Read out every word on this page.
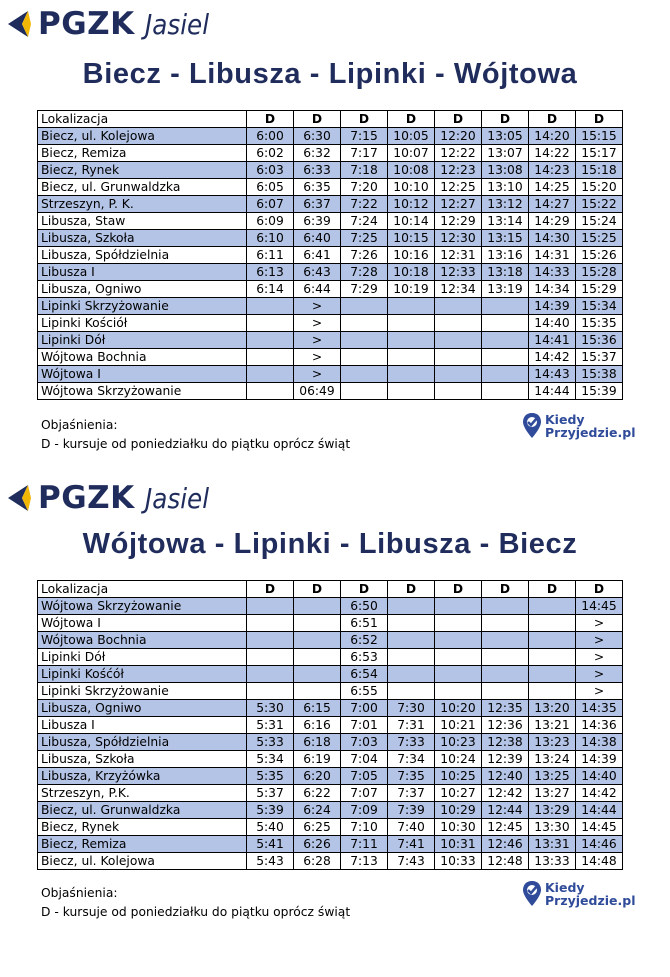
PGZK Jasiel
Biecz - Libusza - Lipinki - Wójtowa
Lokalizacja	D	D	D	D	D	D	D	D
Biecz, ul. Kolejowa	6:00	6:30	7:15	10:05	12:20	13:05	14:20	15:15
Biecz, Remiza	6:02	6:32	7:17	10:07	12:22	13:07	14:22	15:17
Biecz, Rynek	6:03	6:33	7:18	10:08	12:23	13:08	14:23	15:18
Biecz, ul. Grunwaldzka	6:05	6:35	7:20	10:10	12:25	13:10	14:25	15:20
Strzeszyn, P. K.	6:07	6:37	7:22	10:12	12:27	13:12	14:27	15:22
Libusza, Staw	6:09	6:39	7:24	10:14	12:29	13:14	14:29	15:24
Libusza, Szkoła	6:10	6:40	7:25	10:15	12:30	13:15	14:30	15:25
Libusza, Spółdzielnia	6:11	6:41	7:26	10:16	12:31	13:16	14:31	15:26
Libusza I	6:13	6:43	7:28	10:18	12:33	13:18	14:33	15:28
Libusza, Ogniwo	6:14	6:44	7:29	10:19	12:34	13:19	14:34	15:29
Lipinki Skrzyżowanie		>					14:39	15:34
Lipinki Kościół		>					14:40	15:35
Lipinki Dół		>					14:41	15:36
Wójtowa Bochnia		>					14:42	15:37
Wójtowa I		>					14:43	15:38
Wójtowa Skrzyżowanie		06:49					14:44	15:39
Objaśnienia:
D - kursuje od poniedziałku do piątku oprócz świąt
Kiedy
Przyjedzie.pl
PGZK Jasiel
Wójtowa - Lipinki - Libusza - Biecz
Lokalizacja	D	D	D	D	D	D	D	D
Wójtowa Skrzyżowanie			6:50					14:45
Wójtowa I			6:51					>
Wójtowa Bochnia			6:52					>
Lipinki Dół			6:53					>
Lipinki Kośćół			6:54					>
Lipinki Skrzyżowanie			6:55					>
Libusza, Ogniwo	5:30	6:15	7:00	7:30	10:20	12:35	13:20	14:35
Libusza I	5:31	6:16	7:01	7:31	10:21	12:36	13:21	14:36
Libusza, Spółdzielnia	5:33	6:18	7:03	7:33	10:23	12:38	13:23	14:38
Libusza, Szkoła	5:34	6:19	7:04	7:34	10:24	12:39	13:24	14:39
Libusza, Krzyżówka	5:35	6:20	7:05	7:35	10:25	12:40	13:25	14:40
Strzeszyn, P.K.	5:37	6:22	7:07	7:37	10:27	12:42	13:27	14:42
Biecz, ul. Grunwaldzka	5:39	6:24	7:09	7:39	10:29	12:44	13:29	14:44
Biecz, Rynek	5:40	6:25	7:10	7:40	10:30	12:45	13:30	14:45
Biecz, Remiza	5:41	6:26	7:11	7:41	10:31	12:46	13:31	14:46
Biecz, ul. Kolejowa	5:43	6:28	7:13	7:43	10:33	12:48	13:33	14:48
Objaśnienia:
D - kursuje od poniedziałku do piątku oprócz świąt
Kiedy
Przyjedzie.pl
